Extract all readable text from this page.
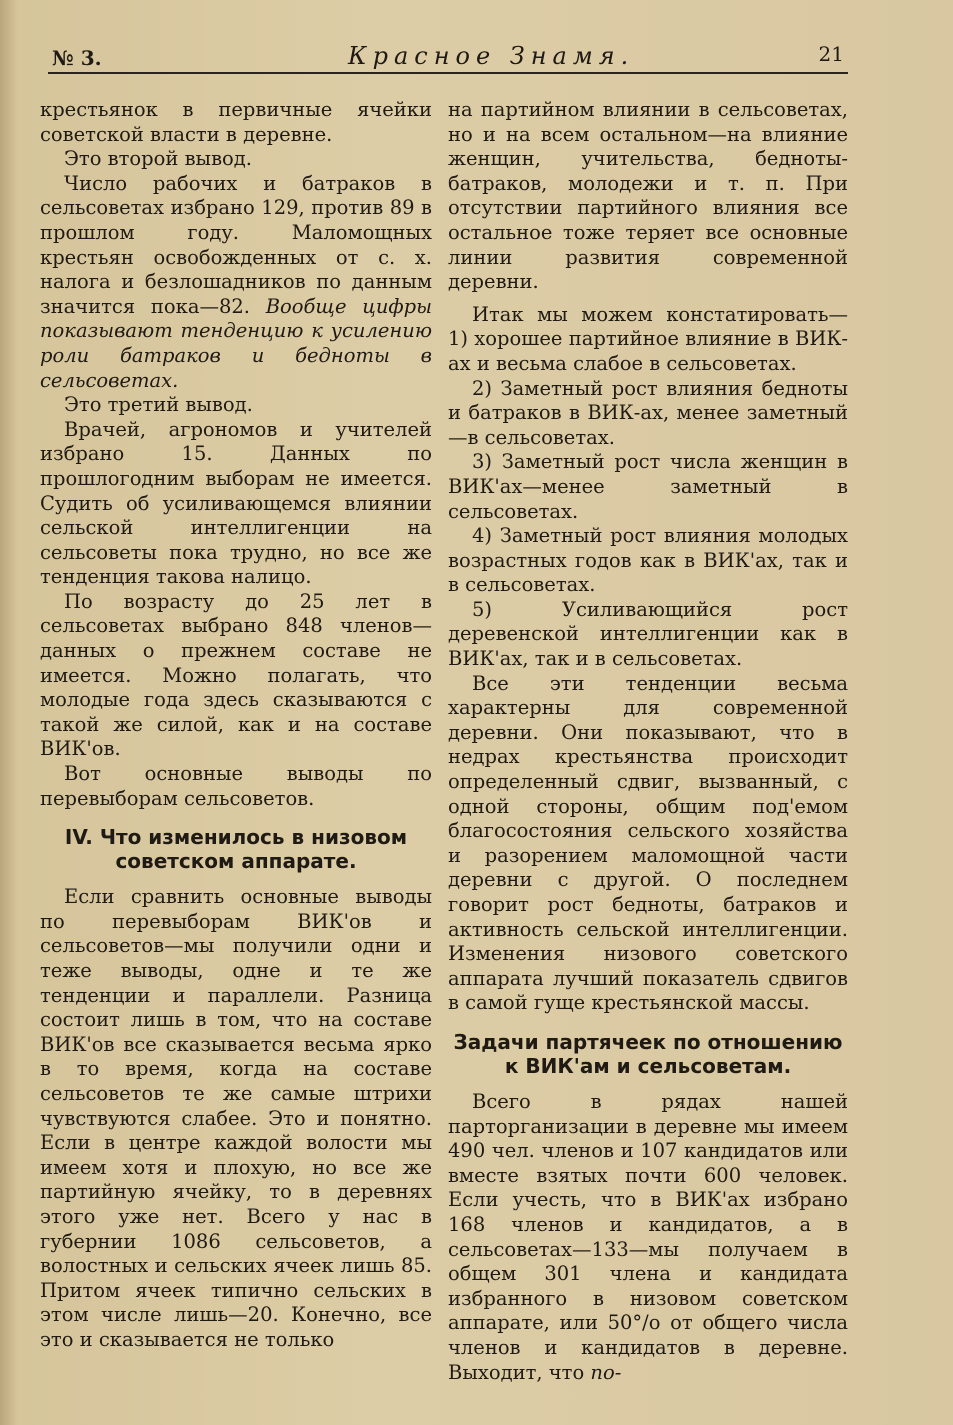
№ 3.	Красное Знамя.	21

крестьянок в первичные ячейки советской власти в деревне.

Это второй вывод.

Число рабочих и батраков в сельсоветах избрано 129, против 89 в прошлом году. Маломощных крестьян освобожденных от с. х. налога и безлошадников по данным значится пока—82. Вообще цифры показывают тенденцию к усилению роли батраков и бедноты в сельсоветах.

Это третий вывод.

Врачей, агрономов и учителей избрано 15. Данных по прошлогодним выборам не имеется. Судить об усиливающемся влиянии сельской интеллигенции на сельсоветы пока трудно, но все же тенденция такова налицо.

По возрасту до 25 лет в сельсоветах выбрано 848 членов—данных о прежнем составе не имеется. Можно полагать, что молодые года здесь сказываются с такой же силой, как и на составе ВИК'ов.

Вот основные выводы по перевыборам сельсоветов.

IV. Что изменилось в низовом советском аппарате.

Если сравнить основные выводы по перевыборам ВИК'ов и сельсоветов—мы получили одни и теже выводы, одне и те же тенденции и параллели. Разница состоит лишь в том, что на составе ВИК'ов все сказывается весьма ярко в то время, когда на составе сельсоветов те же самые штрихи чувствуются слабее. Это и понятно. Если в центре каждой волости мы имеем хотя и плохую, но все же партийную ячейку, то в деревнях этого уже нет. Всего у нас в губернии 1086 сельсоветов, а волостных и сельских ячеек лишь 85. Притом ячеек типично сельских в этом числе лишь—20. Конечно, все это и сказывается не только

на партийном влиянии в сельсоветах, но и на всем остальном—на влияние женщин, учительства, бедноты-батраков, молодежи и т. п. При отсутствии партийного влияния все остальное тоже теряет все основные линии развития современной деревни.

Итак мы можем констатировать— 1) хорошее партийное влияние в ВИК-ах и весьма слабое в сельсоветах.

2) Заметный рост влияния бедноты и батраков в ВИК-ах, менее заметный—в сельсоветах.

3) Заметный рост числа женщин в ВИК'ах—менее заметный в сельсоветах.

4) Заметный рост влияния молодых возрастных годов как в ВИК'ах, так и в сельсоветах.

5) Усиливающийся рост деревенской интеллигенции как в ВИК'ах, так и в сельсоветах.

Все эти тенденции весьма характерны для современной деревни. Они показывают, что в недрах крестьянства происходит определенный сдвиг, вызванный, с одной стороны, общим под'емом благосостояния сельского хозяйства и разорением маломощной части деревни с другой. О последнем говорит рост бедноты, батраков и активность сельской интеллигенции. Изменения низового советского аппарата лучший показатель сдвигов в самой гуще крестьянской массы.

Задачи партячеек по отношению к ВИК'ам и сельсоветам.

Всего в рядах нашей парторганизации в деревне мы имеем 490 чел. членов и 107 кандидатов или вместе взятых почти 600 человек. Если учесть, что в ВИК'ах избрано 168 членов и кандидатов, а в сельсоветах—133—мы получаем в общем 301 члена и кандидата избранного в низовом советском аппарате, или 50°/о от общего числа членов и кандидатов в деревне. Выходит, что по-
